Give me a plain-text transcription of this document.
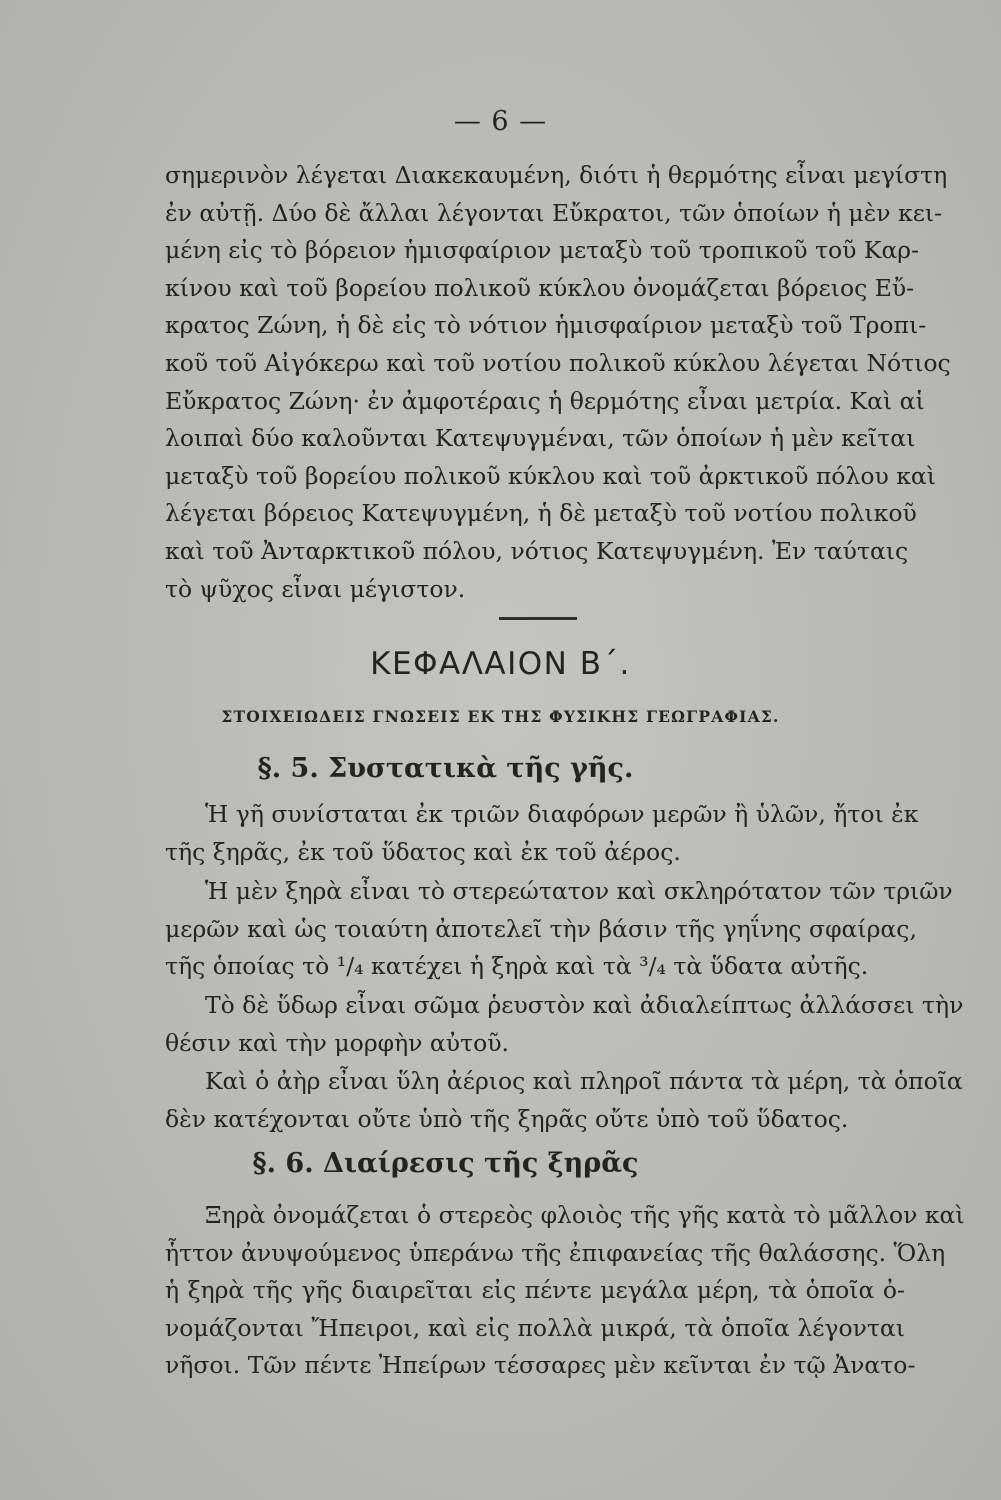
— 6 —
σημερινὸν λέγεται Διακεκαυμένη, διότι ἡ θερμότης εἶναι μεγίστη
ἐν αὐτῇ. Δύο δὲ ἄλλαι λέγονται Εὔκρατοι, τῶν ὁποίων ἡ μὲν κει-
μένη εἰς τὸ βόρειον ἡμισφαίριον μεταξὺ τοῦ τροπικοῦ τοῦ Καρ-
κίνου καὶ τοῦ βορείου πολικοῦ κύκλου ὀνομάζεται βόρειος Εὔ-
κρατος Ζώνη, ἡ δὲ εἰς τὸ νότιον ἡμισφαίριον μεταξὺ τοῦ Τροπι-
κοῦ τοῦ Αἰγόκερω καὶ τοῦ νοτίου πολικοῦ κύκλου λέγεται Νότιος
Εὔκρατος Ζώνη· ἐν ἀμφοτέραις ἡ θερμότης εἶναι μετρία. Καὶ αἱ
λοιπαὶ δύο καλοῦνται Κατεψυγμέναι, τῶν ὁποίων ἡ μὲν κεῖται
μεταξὺ τοῦ βορείου πολικοῦ κύκλου καὶ τοῦ ἀρκτικοῦ πόλου καὶ
λέγεται βόρειος Κατεψυγμένη, ἡ δὲ μεταξὺ τοῦ νοτίου πολικοῦ
καὶ τοῦ Ἀνταρκτικοῦ πόλου, νότιος Κατεψυγμένη. Ἐν ταύταις
τὸ ψῦχος εἶναι μέγιστον.
ΚΕΦΑΛΑΙΟΝ Β΄.
ΣΤΟΙΧΕΙΩΔΕΙΣ ΓΝΩΣΕΙΣ ΕΚ ΤΗΣ ΦΥΣΙΚΗΣ ΓΕΩΓΡΑΦΙΑΣ.
§. 5. Συστατικὰ τῆς γῆς.
Ἡ γῆ συνίσταται ἐκ τριῶν διαφόρων μερῶν ἢ ὑλῶν, ἤτοι ἐκ
τῆς ξηρᾶς, ἐκ τοῦ ὕδατος καὶ ἐκ τοῦ ἀέρος.
Ἡ μὲν ξηρὰ εἶναι τὸ στερεώτατον καὶ σκληρότατον τῶν τριῶν
μερῶν καὶ ὡς τοιαύτη ἀποτελεῖ τὴν βάσιν τῆς γηΐνης σφαίρας,
τῆς ὁποίας τὸ ¹/₄ κατέχει ἡ ξηρὰ καὶ τὰ ³/₄ τὰ ὕδατα αὐτῆς.
Τὸ δὲ ὕδωρ εἶναι σῶμα ῥευστὸν καὶ ἀδιαλείπτως ἀλλάσσει τὴν
θέσιν καὶ τὴν μορφὴν αὐτοῦ.
Καὶ ὁ ἀὴρ εἶναι ὕλη ἀέριος καὶ πληροῖ πάντα τὰ μέρη, τὰ ὁποῖα
δὲν κατέχονται οὔτε ὑπὸ τῆς ξηρᾶς οὔτε ὑπὸ τοῦ ὕδατος.
§. 6. Διαίρεσις τῆς ξηρᾶς
Ξηρὰ ὀνομάζεται ὁ στερεὸς φλοιὸς τῆς γῆς κατὰ τὸ μᾶλλον καὶ
ἧττον ἀνυψούμενος ὑπεράνω τῆς ἐπιφανείας τῆς θαλάσσης. Ὅλη
ἡ ξηρὰ τῆς γῆς διαιρεῖται εἰς πέντε μεγάλα μέρη, τὰ ὁποῖα ὀ-
νομάζονται Ἤπειροι, καὶ εἰς πολλὰ μικρά, τὰ ὁποῖα λέγονται
νῆσοι. Τῶν πέντε Ἠπείρων τέσσαρες μὲν κεῖνται ἐν τῷ Ἀνατο-
